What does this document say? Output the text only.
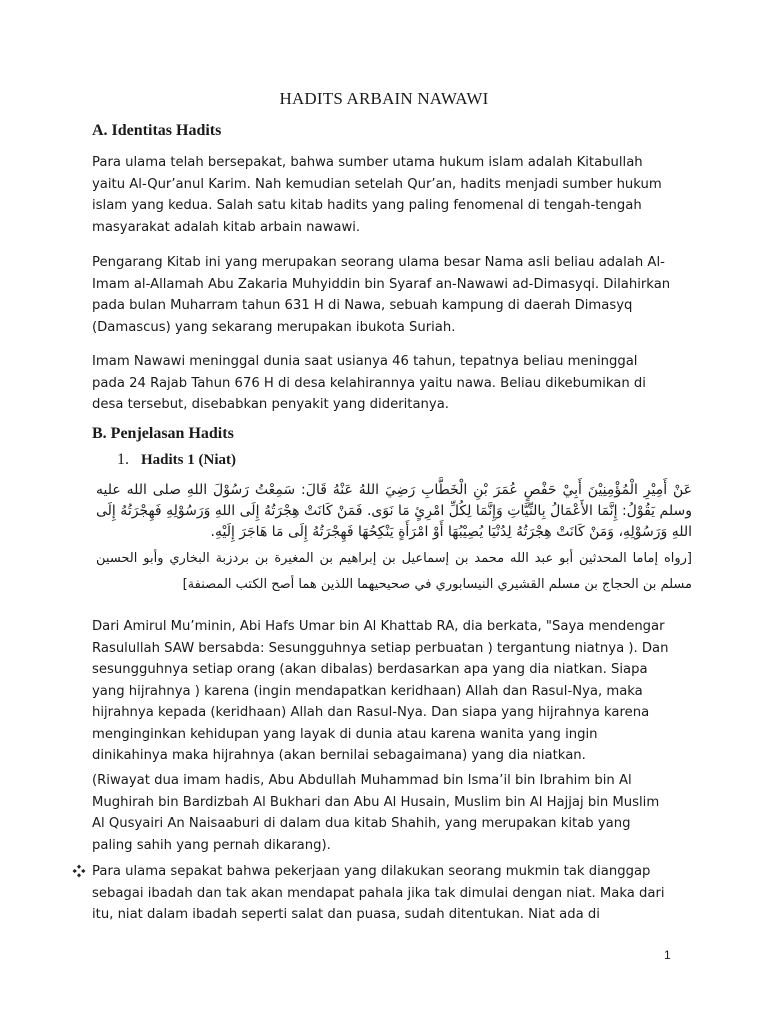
HADITS ARBAIN NAWAWI
A. Identitas Hadits

Para ulama telah bersepakat, bahwa sumber utama hukum islam adalah Kitabullah yaitu Al-Qur’anul Karim. Nah kemudian setelah Qur’an, hadits menjadi sumber hukum islam yang kedua. Salah satu kitab hadits yang paling fenomenal di tengah-tengah masyarakat adalah kitab arbain nawawi.

Pengarang Kitab ini yang merupakan seorang ulama besar Nama asli beliau adalah Al-Imam al-Allamah Abu Zakaria Muhyiddin bin Syaraf an-Nawawi ad-Dimasyqi. Dilahirkan pada bulan Muharram tahun 631 H di Nawa, sebuah kampung di daerah Dimasyq (Damascus) yang sekarang merupakan ibukota Suriah.

Imam Nawawi meninggal dunia saat usianya 46 tahun, tepatnya beliau meninggal pada 24 Rajab Tahun 676 H di desa kelahirannya yaitu nawa. Beliau dikebumikan di desa tersebut, disebabkan penyakit yang dideritanya.

B. Penjelasan Hadits
1. Hadits 1 (Niat)

عَنْ أَمِيْرِ الْمُؤْمِنِيْنَ أَبِيْ حَفْصٍ عُمَرَ بْنِ الْخَطَّابِ رَضِيَ اللهُ عَنْهُ قَالَ: سَمِعْتُ رَسُوْلَ اللهِ صلى الله عليه وسلم يَقُوْلُ: إِنَّمَا الأَعْمَالُ بِالنِّيَّاتِ وَإِنَّمَا لِكُلِّ امْرِئٍ مَا نَوَى. فَمَنْ كَانَتْ هِجْرَتُهُ إِلَى اللهِ وَرَسُوْلِهِ فَهِجْرَتُهُ إِلَى اللهِ وَرَسُوْلِهِ، وَمَنْ كَانَتْ هِجْرَتُهُ لِدُنْيَا يُصِيْبُهَا أَوْ امْرَأَةٍ يَنْكِحُهَا فَهِجْرَتُهُ إِلَى مَا هَاجَرَ إِلَيْهِ.

[رواه إماما المحدثين أبو عبد الله محمد بن إسماعيل بن إبراهيم بن المغيرة بن بردزبة البخاري وأبو الحسين مسلم بن الحجاج بن مسلم القشيري النيسابوري في صحيحيهما اللذين هما أصح الكتب المصنفة]

Dari Amirul Mu’minin, Abi Hafs Umar bin Al Khattab RA, dia berkata, "Saya mendengar Rasulullah SAW bersabda: Sesungguhnya setiap perbuatan ) tergantung niatnya ). Dan sesungguhnya setiap orang (akan dibalas) berdasarkan apa yang dia niatkan. Siapa yang hijrahnya ) karena (ingin mendapatkan keridhaan) Allah dan Rasul-Nya, maka hijrahnya kepada (keridhaan) Allah dan Rasul-Nya. Dan siapa yang hijrahnya karena menginginkan kehidupan yang layak di dunia atau karena wanita yang ingin dinikahinya maka hijrahnya (akan bernilai sebagaimana) yang dia niatkan.

(Riwayat dua imam hadis, Abu Abdullah Muhammad bin Isma’il bin Ibrahim bin Al Mughirah bin Bardizbah Al Bukhari dan Abu Al Husain, Muslim bin Al Hajjaj bin Muslim Al Qusyairi An Naisaaburi di dalam dua kitab Shahih, yang merupakan kitab yang paling sahih yang pernah dikarang).

Para ulama sepakat bahwa pekerjaan yang dilakukan seorang mukmin tak dianggap sebagai ibadah dan tak akan mendapat pahala jika tak dimulai dengan niat. Maka dari itu, niat dalam ibadah seperti salat dan puasa, sudah ditentukan. Niat ada di

1
